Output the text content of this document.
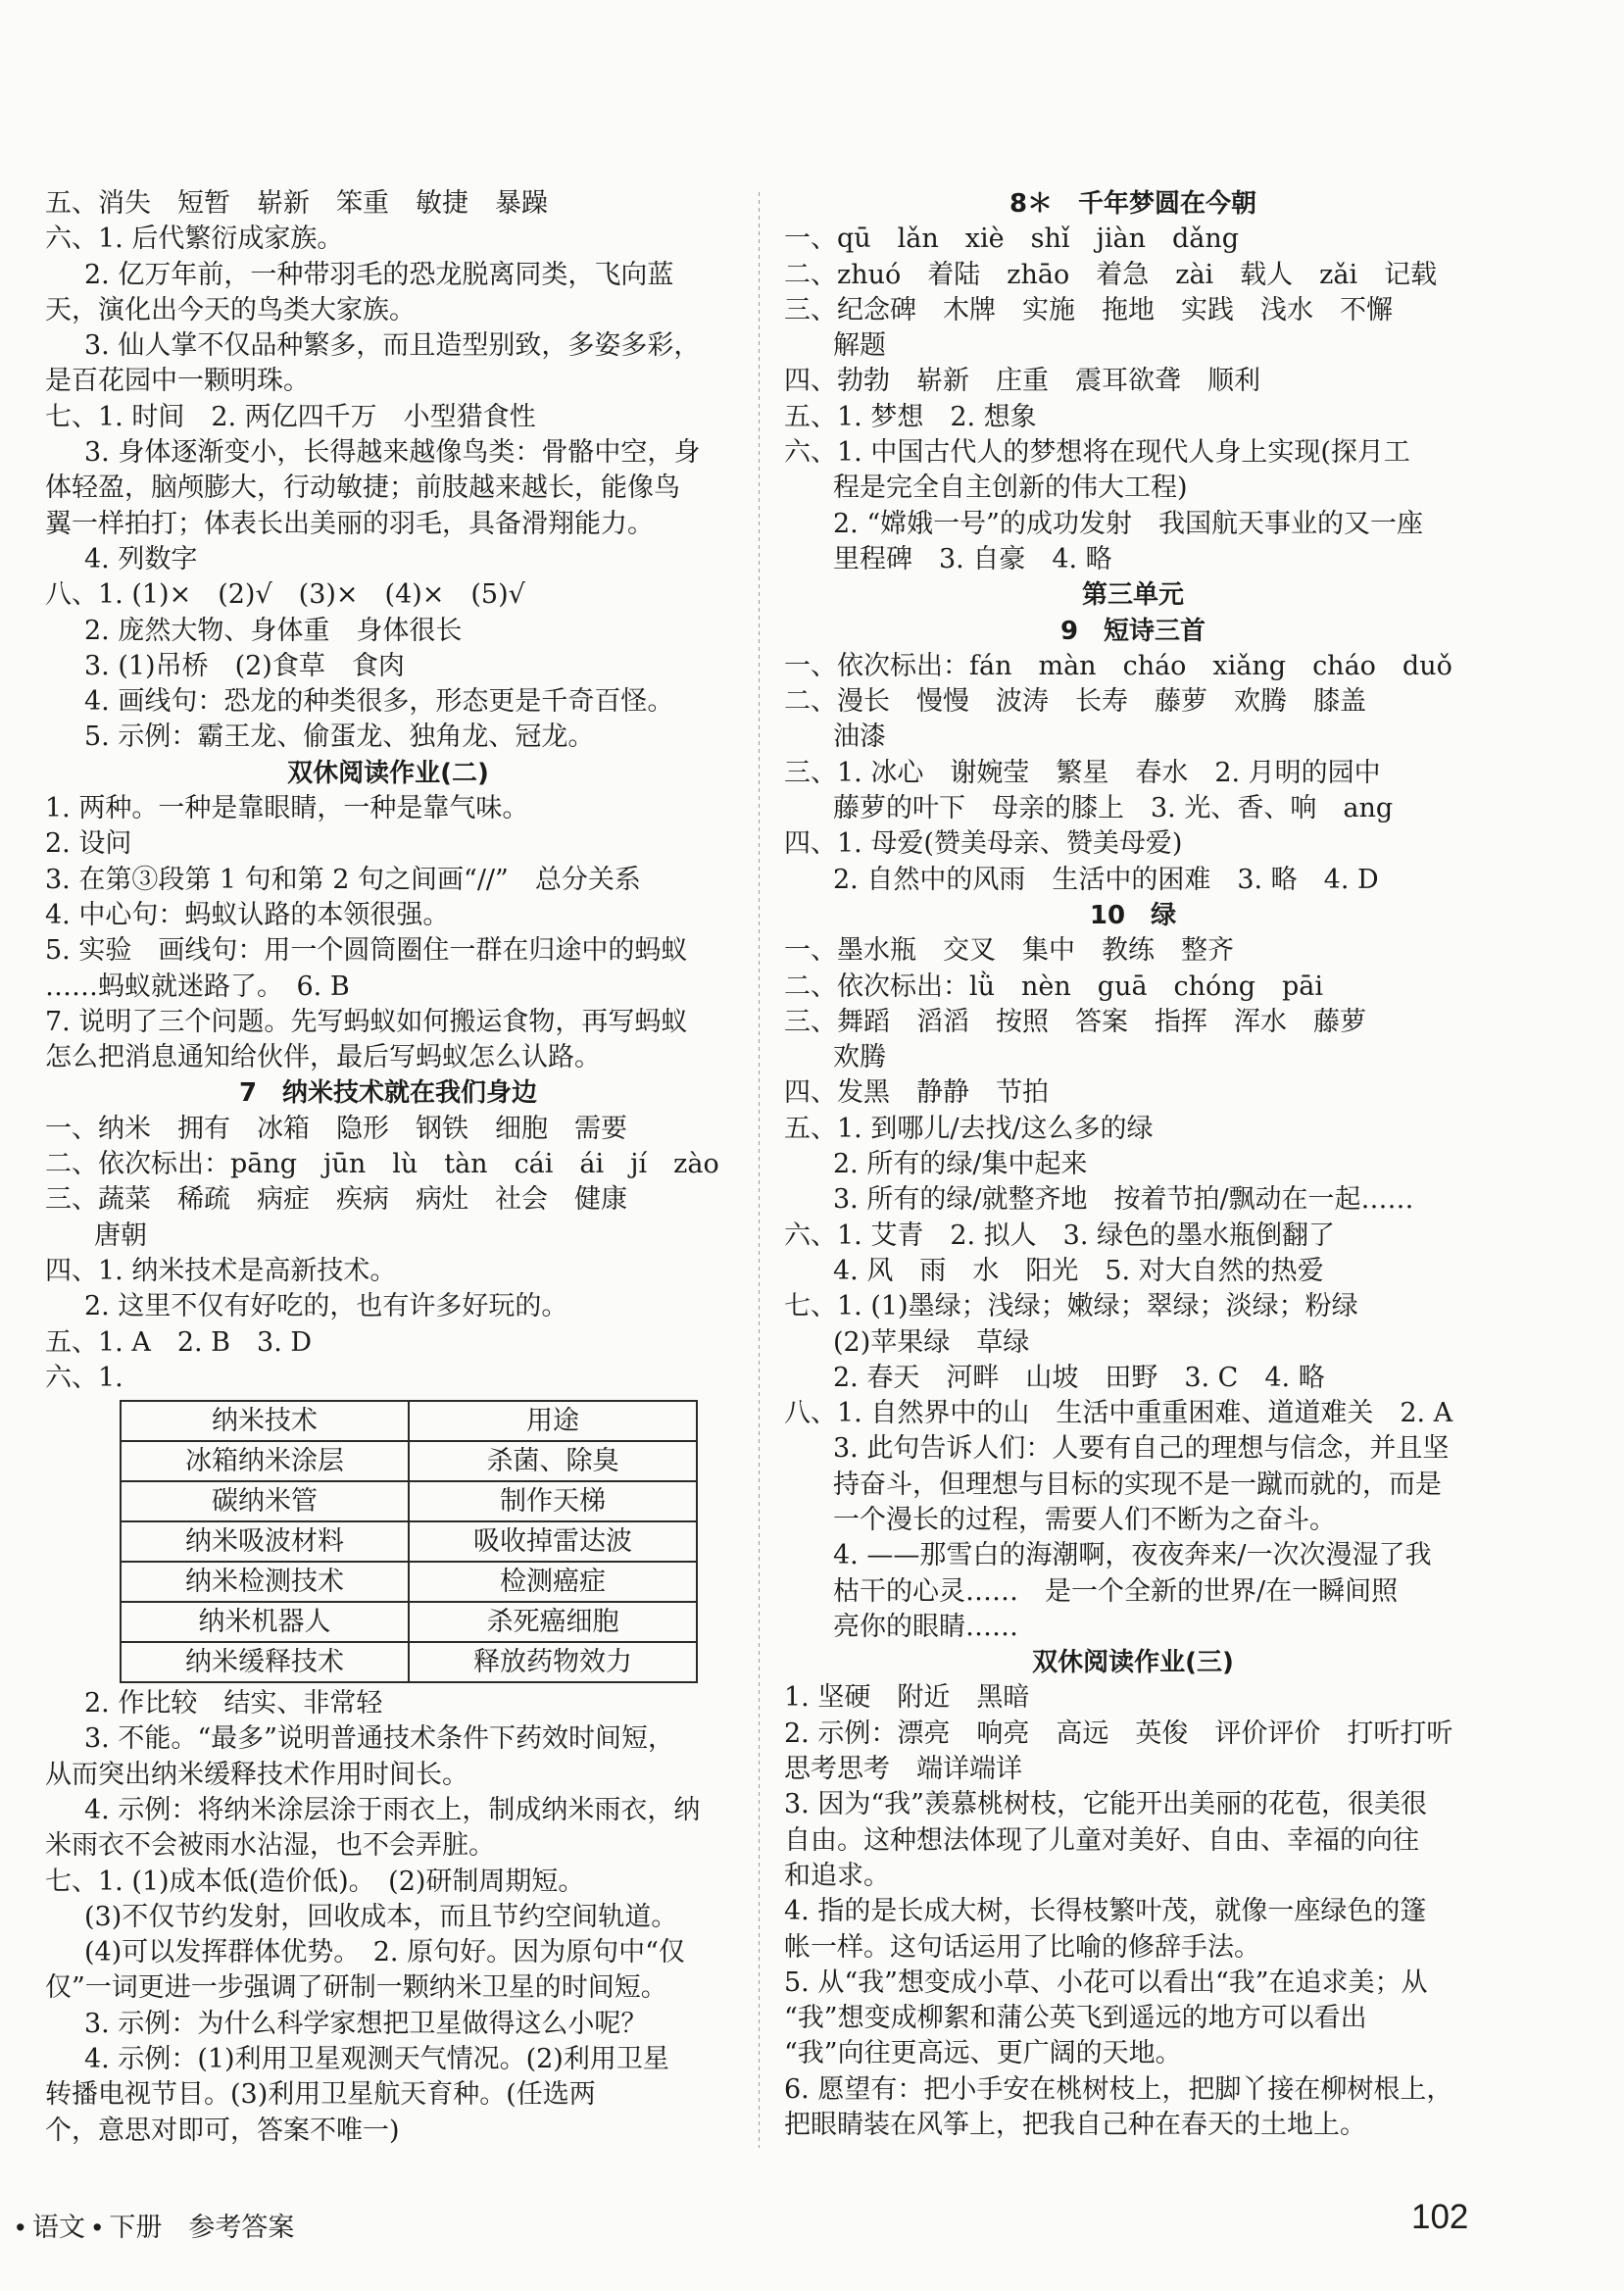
五、消失　短暂　崭新　笨重　敏捷　暴躁
六、1. 后代繁衍成家族。
2. 亿万年前，一种带羽毛的恐龙脱离同类，飞向蓝
天，演化出今天的鸟类大家族。
3. 仙人掌不仅品种繁多，而且造型别致，多姿多彩，
是百花园中一颗明珠。
七、1. 时间　2. 两亿四千万　小型猎食性
3. 身体逐渐变小，长得越来越像鸟类：骨骼中空，身
体轻盈，脑颅膨大，行动敏捷；前肢越来越长，能像鸟
翼一样拍打；体表长出美丽的羽毛，具备滑翔能力。
4. 列数字
八、1. (1)×　(2)√　(3)×　(4)×　(5)√
2. 庞然大物、身体重　身体很长
3. (1)吊桥　(2)食草　食肉
4. 画线句：恐龙的种类很多，形态更是千奇百怪。
5. 示例：霸王龙、偷蛋龙、独角龙、冠龙。
双休阅读作业(二)
1. 两种。一种是靠眼睛，一种是靠气味。
2. 设问
3. 在第③段第 1 句和第 2 句之间画“//”　总分关系
4. 中心句：蚂蚁认路的本领很强。
5. 实验　画线句：用一个圆筒圈住一群在归途中的蚂蚁
……蚂蚁就迷路了。　6. B
7. 说明了三个问题。先写蚂蚁如何搬运食物，再写蚂蚁
怎么把消息通知给伙伴，最后写蚂蚁怎么认路。
7　纳米技术就在我们身边
一、纳米　拥有　冰箱　隐形　钢铁　细胞　需要
二、依次标出：pāng　jūn　lù　tàn　cái　ái　jí　zào
三、蔬菜　稀疏　病症　疾病　病灶　社会　健康
唐朝
四、1. 纳米技术是高新技术。
2. 这里不仅有好吃的，也有许多好玩的。
五、1. A　2. B　3. D
六、1.
纳米技术	用途
冰箱纳米涂层	杀菌、除臭
碳纳米管	制作天梯
纳米吸波材料	吸收掉雷达波
纳米检测技术	检测癌症
纳米机器人	杀死癌细胞
纳米缓释技术	释放药物效力
2. 作比较　结实、非常轻
3. 不能。“最多”说明普通技术条件下药效时间短，
从而突出纳米缓释技术作用时间长。
4. 示例：将纳米涂层涂于雨衣上，制成纳米雨衣，纳
米雨衣不会被雨水沾湿，也不会弄脏。
七、1. (1)成本低(造价低)。　(2)研制周期短。
(3)不仅节约发射，回收成本，而且节约空间轨道。
(4)可以发挥群体优势。　2. 原句好。因为原句中“仅
仅”一词更进一步强调了研制一颗纳米卫星的时间短。
3. 示例：为什么科学家想把卫星做得这么小呢？
4. 示例：(1)利用卫星观测天气情况。(2)利用卫星
转播电视节目。(3)利用卫星航天育种。(任选两
个，意思对即可，答案不唯一)
8＊　千年梦圆在今朝
一、qū　lǎn　xiè　shǐ　jiàn　dǎng
二、zhuó　着陆　zhāo　着急　zài　载人　zǎi　记载
三、纪念碑　木牌　实施　拖地　实践　浅水　不懈
解题
四、勃勃　崭新　庄重　震耳欲聋　顺利
五、1. 梦想　2. 想象
六、1. 中国古代人的梦想将在现代人身上实现(探月工
程是完全自主创新的伟大工程)
2. “嫦娥一号”的成功发射　我国航天事业的又一座
里程碑　3. 自豪　4. 略
第三单元
9　短诗三首
一、依次标出：fán　màn　cháo　xiǎng　cháo　duǒ
二、漫长　慢慢　波涛　长寿　藤萝　欢腾　膝盖
油漆
三、1. 冰心　谢婉莹　繁星　春水　2. 月明的园中
藤萝的叶下　母亲的膝上　3. 光、香、响　ang
四、1. 母爱(赞美母亲、赞美母爱)
2. 自然中的风雨　生活中的困难　3. 略　4. D
10　绿
一、墨水瓶　交叉　集中　教练　整齐
二、依次标出：lǜ　nèn　guā　chóng　pāi
三、舞蹈　滔滔　按照　答案　指挥　浑水　藤萝
欢腾
四、发黑　静静　节拍
五、1. 到哪儿/去找/这么多的绿
2. 所有的绿/集中起来
3. 所有的绿/就整齐地　按着节拍/飘动在一起……
六、1. 艾青　2. 拟人　3. 绿色的墨水瓶倒翻了
4. 风　雨　水　阳光　5. 对大自然的热爱
七、1. (1)墨绿；浅绿；嫩绿；翠绿；淡绿；粉绿
(2)苹果绿　草绿
2. 春天　河畔　山坡　田野　3. C　4. 略
八、1. 自然界中的山　生活中重重困难、道道难关　2. A
3. 此句告诉人们：人要有自己的理想与信念，并且坚
持奋斗，但理想与目标的实现不是一蹴而就的，而是
一个漫长的过程，需要人们不断为之奋斗。
4. ——那雪白的海潮啊，夜夜奔来/一次次漫湿了我
枯干的心灵……　是一个全新的世界/在一瞬间照
亮你的眼睛……
双休阅读作业(三)
1. 坚硬　附近　黑暗
2. 示例：漂亮　响亮　高远　英俊　评价评价　打听打听
思考思考　端详端详
3. 因为“我”羡慕桃树枝，它能开出美丽的花苞，很美很
自由。这种想法体现了儿童对美好、自由、幸福的向往
和追求。
4. 指的是长成大树，长得枝繁叶茂，就像一座绿色的篷
帐一样。这句话运用了比喻的修辞手法。
5. 从“我”想变成小草、小花可以看出“我”在追求美；从
“我”想变成柳絮和蒲公英飞到遥远的地方可以看出
“我”向往更高远、更广阔的天地。
6. 愿望有：把小手安在桃树枝上，把脚丫接在柳树根上，
把眼睛装在风筝上，把我自己种在春天的土地上。
• 语文 • 下册　参考答案	102
